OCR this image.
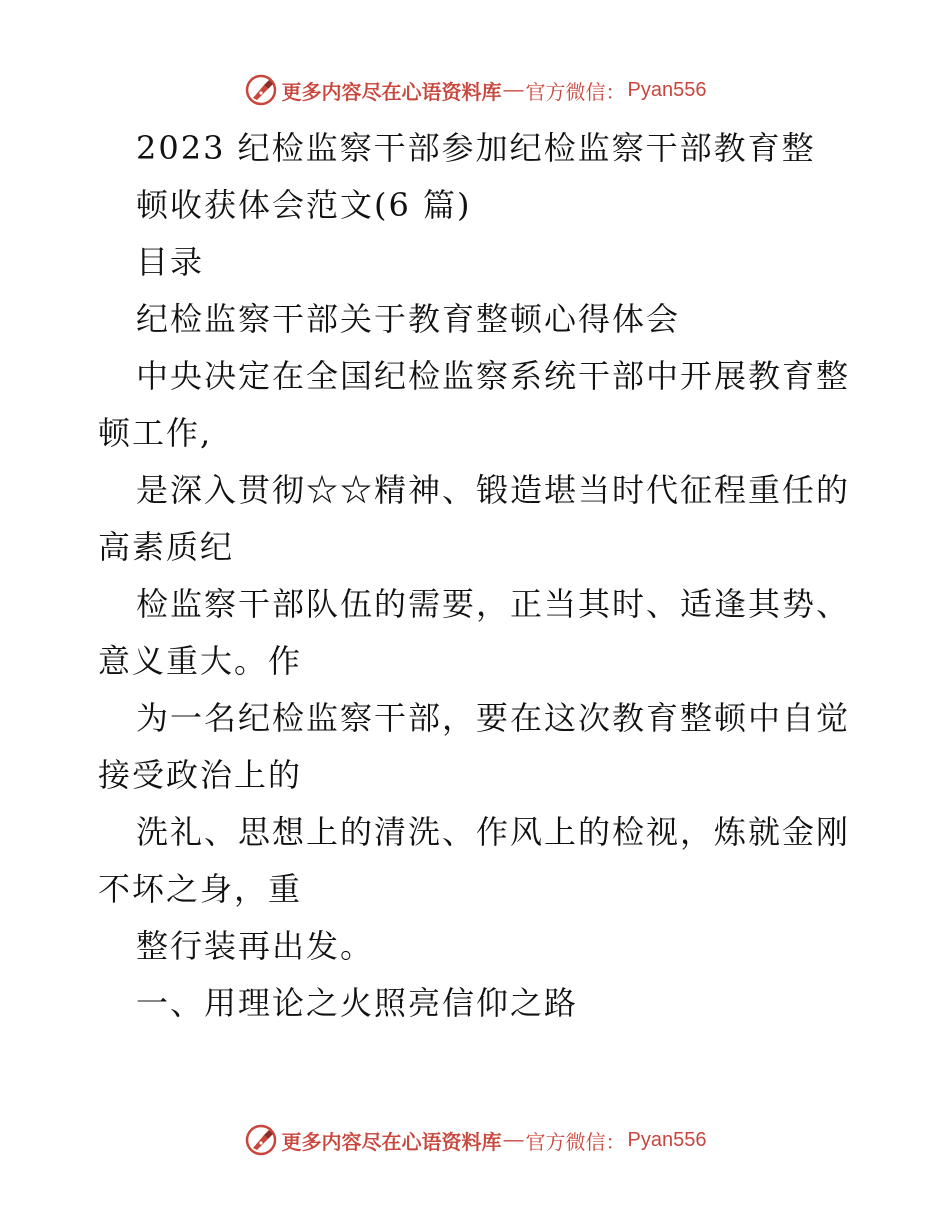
更多内容尽在心语资料库 — 官方微信： Pyan556
2023 纪检监察干部参加纪检监察干部教育整
顿收获体会范文(6 篇)
目录
纪检监察干部关于教育整顿心得体会
中央决定在全国纪检监察系统干部中开展教育整
顿工作,
是深入贯彻☆☆精神、锻造堪当时代征程重任的
高素质纪
检监察干部队伍的需要，正当其时、适逢其势、
意义重大。作
为一名纪检监察干部，要在这次教育整顿中自觉
接受政治上的
洗礼、思想上的清洗、作风上的检视，炼就金刚
不坏之身，重
整行装再出发。
一、用理论之火照亮信仰之路
更多内容尽在心语资料库 — 官方微信： Pyan556
